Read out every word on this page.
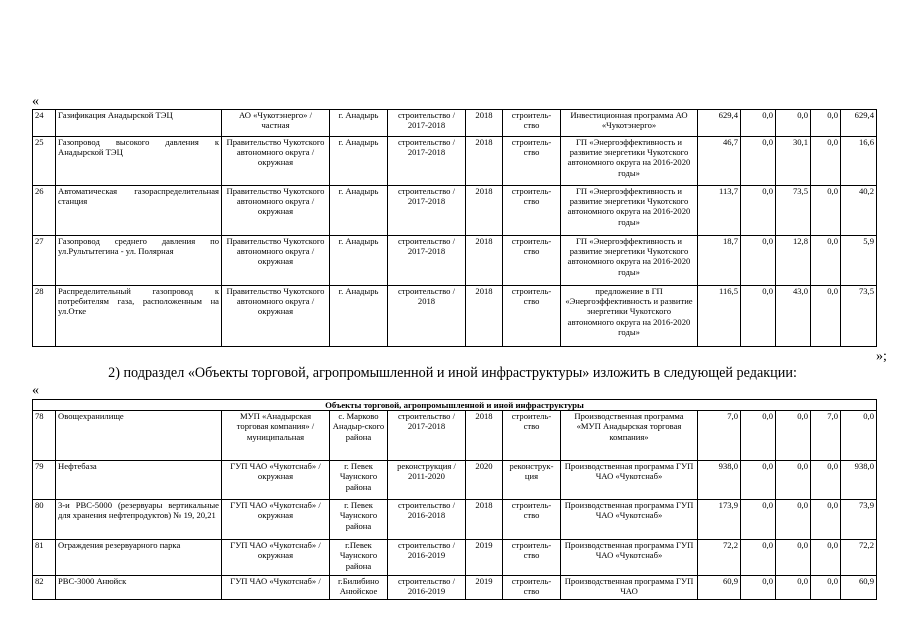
«
24	Газификация Анадырской ТЭЦ	АО «Чукотэнерго» / частная	г. Анадырь	строительство / 2017-2018	2018	строитель-ство	Инвестиционная программа АО «Чукотэнерго»	629,4	0,0	0,0	0,0	629,4
25	Газопровод высокого давления к Анадырской ТЭЦ	Правительство Чукотского автономного округа / окружная	г. Анадырь	строительство / 2017-2018	2018	строитель-ство	ГП «Энергоэффективность и развитие энергетики Чукотского автономного округа на 2016-2020 годы»	46,7	0,0	30,1	0,0	16,6
26	Автоматическая газораспределительная станция	Правительство Чукотского автономного округа / окружная	г. Анадырь	строительство / 2017-2018	2018	строитель-ство	ГП «Энергоэффективность и развитие энергетики Чукотского автономного округа на 2016-2020 годы»	113,7	0,0	73,5	0,0	40,2
27	Газопровод среднего давления по ул.Рультытегина - ул. Полярная	Правительство Чукотского автономного округа / окружная	г. Анадырь	строительство / 2017-2018	2018	строитель-ство	ГП «Энергоэффективность и развитие энергетики Чукотского автономного округа на 2016-2020 годы»	18,7	0,0	12,8	0,0	5,9
28	Распределительный газопровод к потребителям газа, расположенным на ул.Отке	Правительство Чукотского автономного округа / окружная	г. Анадырь	строительство / 2018	2018	строитель-ство	предложение в ГП «Энергоэффективность и развитие энергетики Чукотского автономного округа на 2016-2020 годы»	116,5	0,0	43,0	0,0	73,5
»;
2) подраздел «Объекты торговой, агропромышленной и иной инфраструктуры» изложить в следующей редакции:
«
Объекты торговой, агропромышленной и иной инфраструктуры												
78	Овощехранилище	МУП «Анадырская торговая компания» / муниципальная	с. Марково Анадыр-ского района	строительство / 2017-2018	2018	строитель-ство	Производственная программа «МУП Анадырская торговая компания»	7,0	0,0	0,0	7,0	0,0
79	Нефтебаза	ГУП ЧАО «Чукотснаб» / окружная	г. Певек Чаунского района	реконструкция / 2011-2020	2020	реконструк-ция	Производственная программа ГУП ЧАО «Чукотснаб»	938,0	0,0	0,0	0,0	938,0
80	3-и РВС-5000 (резервуары вертикальные для хранения нефтепродуктов) № 19, 20,21	ГУП ЧАО «Чукотснаб» / окружная	г. Певек Чаунского района	строительство / 2016-2018	2018	строитель-ство	Производственная программа ГУП ЧАО «Чукотснаб»	173,9	0,0	0,0	0,0	73,9
81	Ограждения резервуарного парка	ГУП ЧАО «Чукотснаб» / окружная	г.Певек Чаунского района	строительство / 2016-2019	2019	строитель-ство	Производственная программа ГУП ЧАО «Чукотснаб»	72,2	0,0	0,0	0,0	72,2
82	РВС-3000 Анюйск	ГУП ЧАО «Чукотснаб» /	г.Билибино Анюйское	строительство / 2016-2019	2019	строитель-ство	Производственная программа ГУП ЧАО	60,9	0,0	0,0	0,0	60,9
